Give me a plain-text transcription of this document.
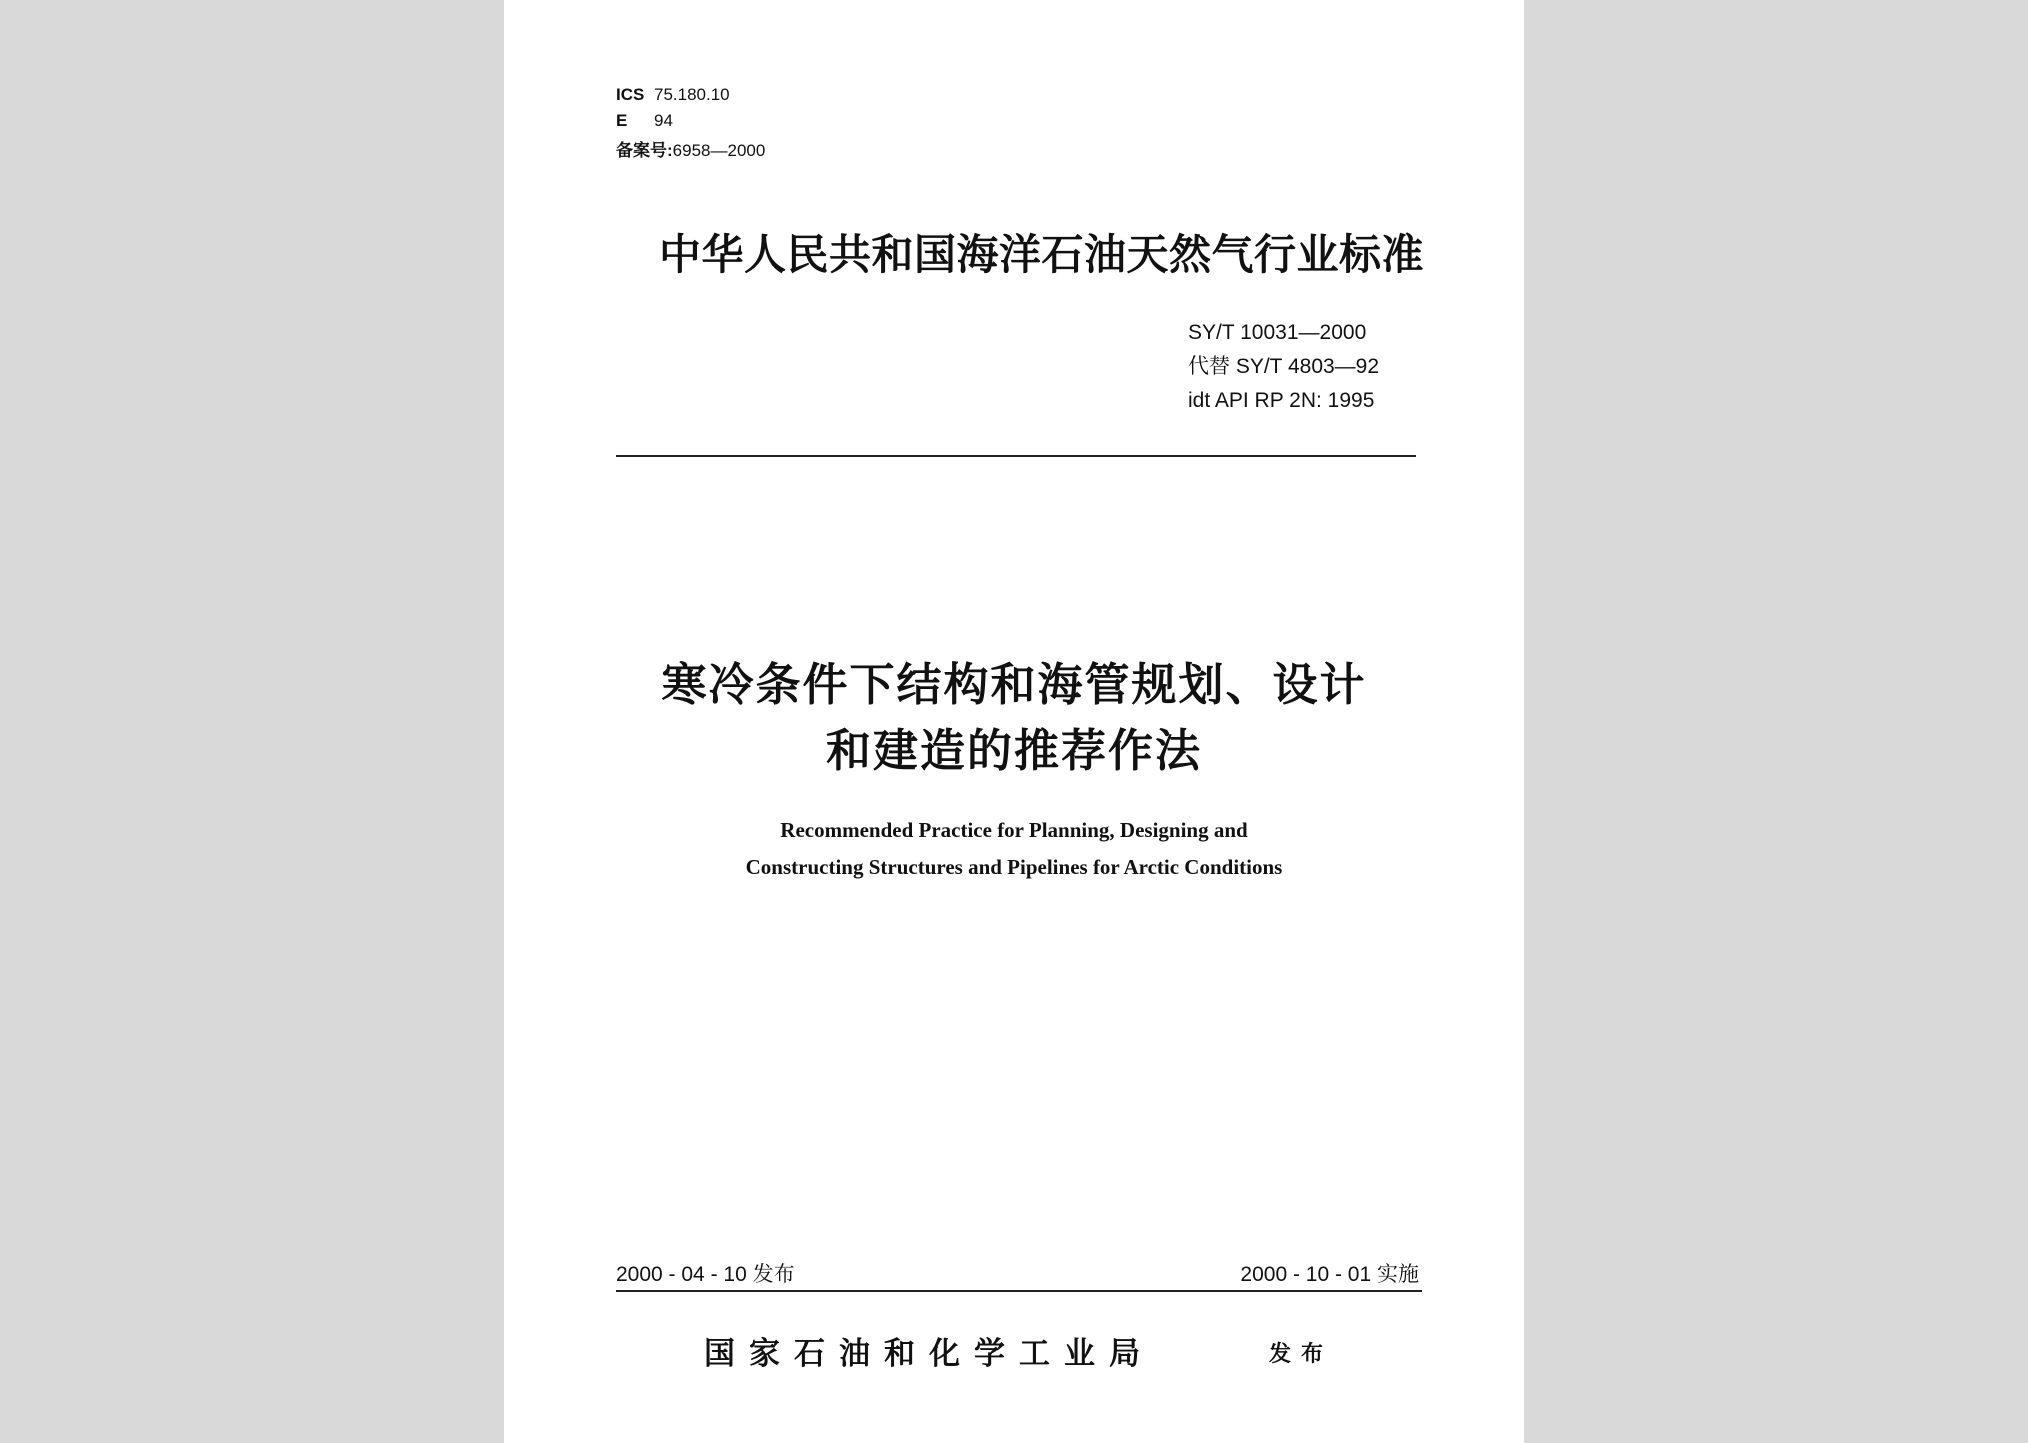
ICS 75.180.10
E 94
备案号:6958—2000
中华人民共和国海洋石油天然气行业标准
SY/T 10031—2000
代替 SY/T 4803—92
idt API RP 2N: 1995
寒冷条件下结构和海管规划、设计
和建造的推荐作法
Recommended Practice for Planning, Designing and
Constructing Structures and Pipelines for Arctic Conditions
2000 - 04 - 10 发布	2000 - 10 - 01 实施
国家石油和化学工业局	发布
